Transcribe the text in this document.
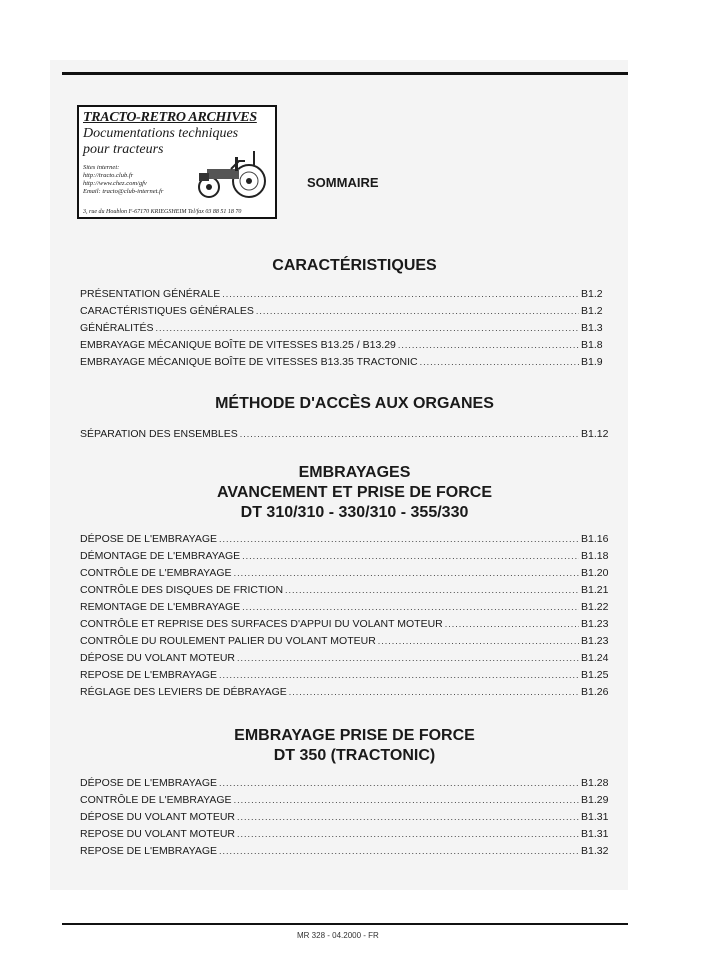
TRACTO-RETRO ARCHIVES
Documentations techniques
pour tracteurs
Sites internet:
http://tracto.club.fr
http://www.chez.com/gfv
Email: tracto@club-internet.fr
3, rue du Houblon F-67170 KRIEGSHEIM Tel/fax 03 88 51 18 70
SOMMAIRE
CARACTÉRISTIQUES
PRÉSENTATION GÉNÉRALE .....	B1.2
CARACTÉRISTIQUES GÉNÉRALES .....	B1.2
GÉNÉRALITÉS .....	B1.3
EMBRAYAGE MÉCANIQUE BOÎTE DE VITESSES B13.25 / B13.29 .....	B1.8
EMBRAYAGE MÉCANIQUE BOÎTE DE VITESSES B13.35 TRACTONIC .....	B1.9
MÉTHODE D'ACCÈS AUX ORGANES
SÉPARATION DES ENSEMBLES .....	B1.12
EMBRAYAGES
AVANCEMENT ET PRISE DE FORCE
DT 310/310 - 330/310 - 355/330
DÉPOSE DE L'EMBRAYAGE .....	B1.16
DÉMONTAGE DE L'EMBRAYAGE .....	B1.18
CONTRÔLE DE L'EMBRAYAGE .....	B1.20
CONTRÔLE DES DISQUES DE FRICTION .....	B1.21
REMONTAGE DE L'EMBRAYAGE .....	B1.22
CONTRÔLE ET REPRISE DES SURFACES D'APPUI DU VOLANT MOTEUR .....	B1.23
CONTRÔLE DU ROULEMENT PALIER DU VOLANT MOTEUR .....	B1.23
DÉPOSE DU VOLANT MOTEUR .....	B1.24
REPOSE DE L'EMBRAYAGE .....	B1.25
RÉGLAGE DES LEVIERS DE DÉBRAYAGE .....	B1.26
EMBRAYAGE PRISE DE FORCE
DT 350 (TRACTONIC)
DÉPOSE DE L'EMBRAYAGE .....	B1.28
CONTRÔLE DE L'EMBRAYAGE .....	B1.29
DÉPOSE DU VOLANT MOTEUR .....	B1.31
REPOSE DU VOLANT MOTEUR .....	B1.31
REPOSE DE L'EMBRAYAGE .....	B1.32
MR 328 - 04.2000 - FR
